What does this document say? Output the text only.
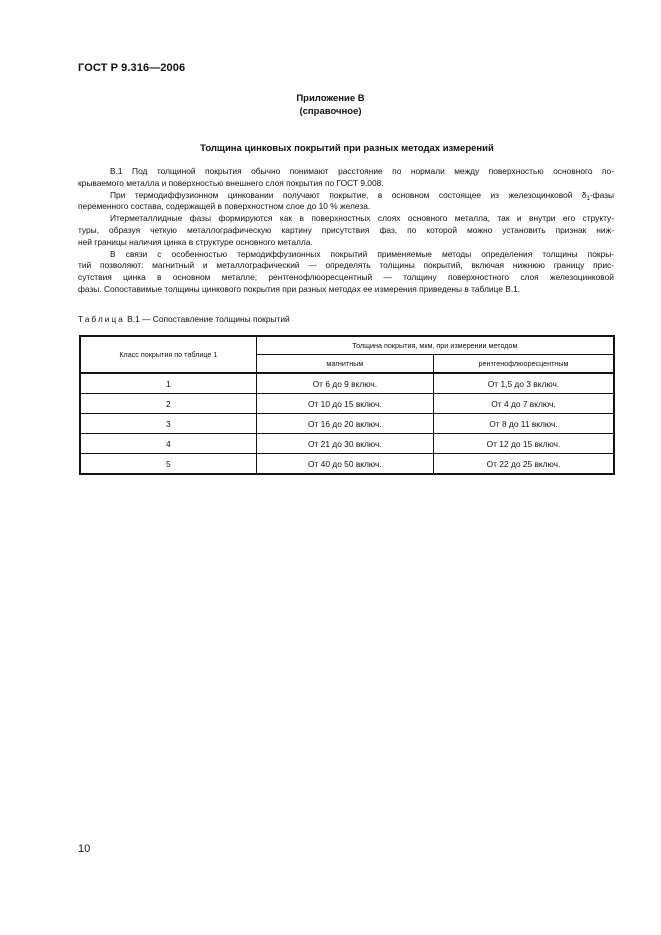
ГОСТ Р 9.316—2006
Приложение В
(справочное)
Толщина цинковых покрытий при разных методах измерений
В.1 Под толщиной покрытия обычно понимают расстояние по нормали между поверхностью основного по-
крываемого металла и поверхностью внешнего слоя покрытия по ГОСТ 9.008.
При термодиффузионном цинковании получают покрытие, в основном состоящее из железоцинковой $\delta_1$-фазы
переменного состава, содержащей в поверхностном слое до 10 % железа.
Итерметаллидные фазы формируются как в поверхностных слоях основного металла, так и внутри его структу-
туры, образуя четкую металлографическую картину присутствия фаз, по которой можно установить признак ниж-
ней границы наличия цинка в структуре основного металла.
В связи с особенностью термодиффузионных покрытий применяемые методы определения толщины покры-
тий позволяют: магнитный и металлографический — определять толщины покрытий, включая нижнюю границу прис-
сутствия цинка в основном металле; рентгенофлюоресцентный — толщину поверхностного слоя железоцинковой
фазы. Сопоставимые толщины цинкового покрытия при разных методах ее измерения приведены в таблице В.1.
Таблица В.1 — Сопоставление толщины покрытий
Класс покрытия по таблице 1	Толщина покрытия, мкм, при измерении методом	
	магнитным	рентгенофлюоресцентным
1	От 6 до 9 включ.	От 1,5 до 3 включ.
2	От 10 до 15 включ.	От 4 до 7 включ.
3	От 16 до 20 включ.	От 8 до 11 включ.
4	От 21 до 30 включ.	От 12 до 15 включ.
5	От 40 до 50 включ.	От 22 до 25 включ.
10
